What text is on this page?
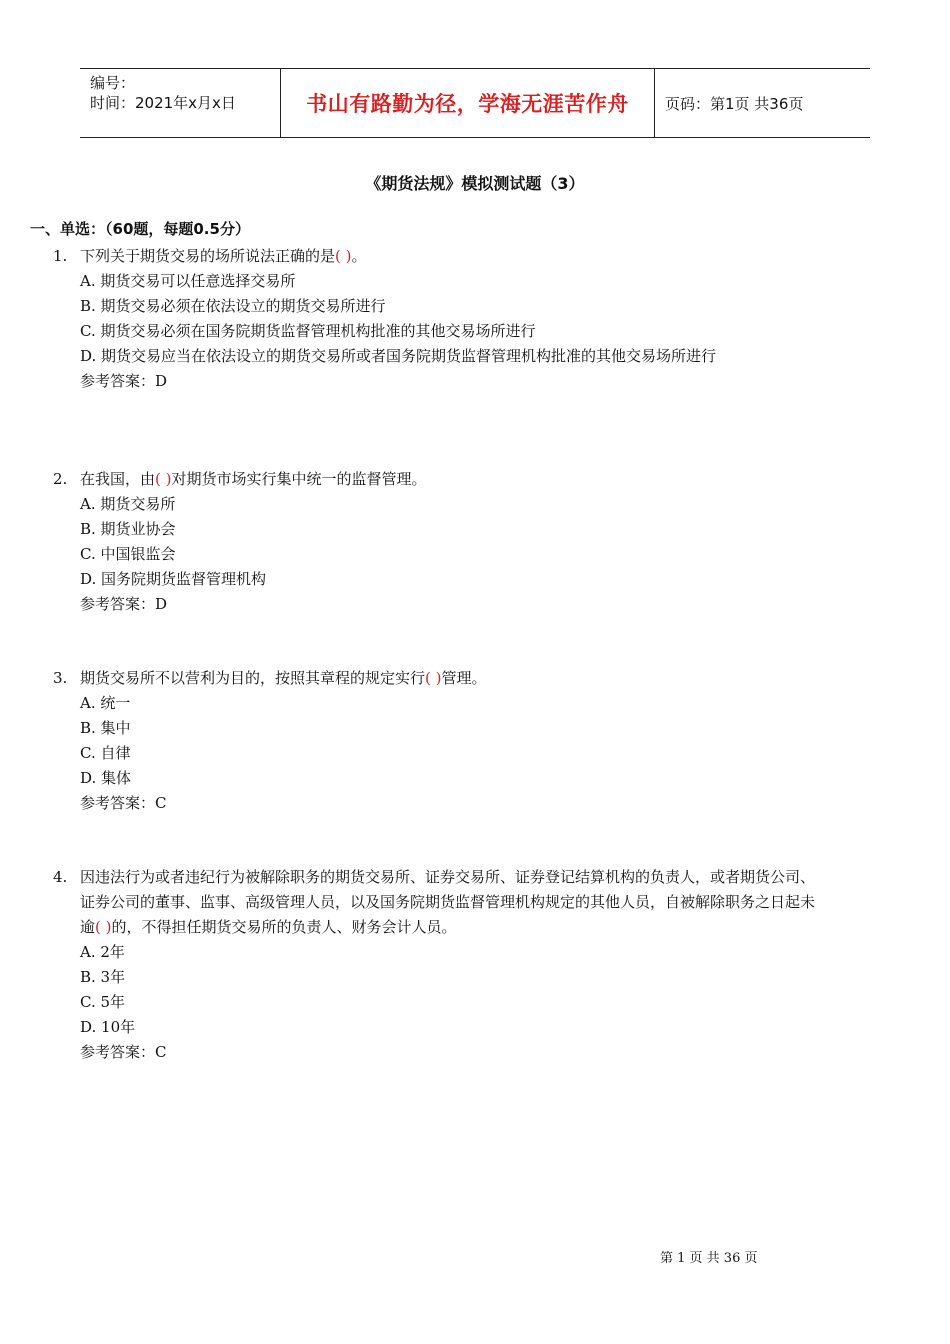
编号：
时间：2021年x月x日	书山有路勤为径，学海无涯苦作舟	页码：第1页 共36页
《期货法规》模拟测试题（3）
一、单选：（60题，每题0.5分）
1. 下列关于期货交易的场所说法正确的是( )。
A. 期货交易可以任意选择交易所
B. 期货交易必须在依法设立的期货交易所进行
C. 期货交易必须在国务院期货监督管理机构批准的其他交易场所进行
D. 期货交易应当在依法设立的期货交易所或者国务院期货监督管理机构批准的其他交易场所进行
参考答案：D
2. 在我国，由( )对期货市场实行集中统一的监督管理。
A. 期货交易所
B. 期货业协会
C. 中国银监会
D. 国务院期货监督管理机构
参考答案：D
3. 期货交易所不以营利为目的，按照其章程的规定实行( )管理。
A. 统一
B. 集中
C. 自律
D. 集体
参考答案：C
4. 因违法行为或者违纪行为被解除职务的期货交易所、证券交易所、证券登记结算机构的负责人，或者期货公司、
证券公司的董事、监事、高级管理人员，以及国务院期货监督管理机构规定的其他人员，自被解除职务之日起未
逾( )的，不得担任期货交易所的负责人、财务会计人员。
A. 2年
B. 3年
C. 5年
D. 10年
参考答案：C
第 1 页 共 36 页
